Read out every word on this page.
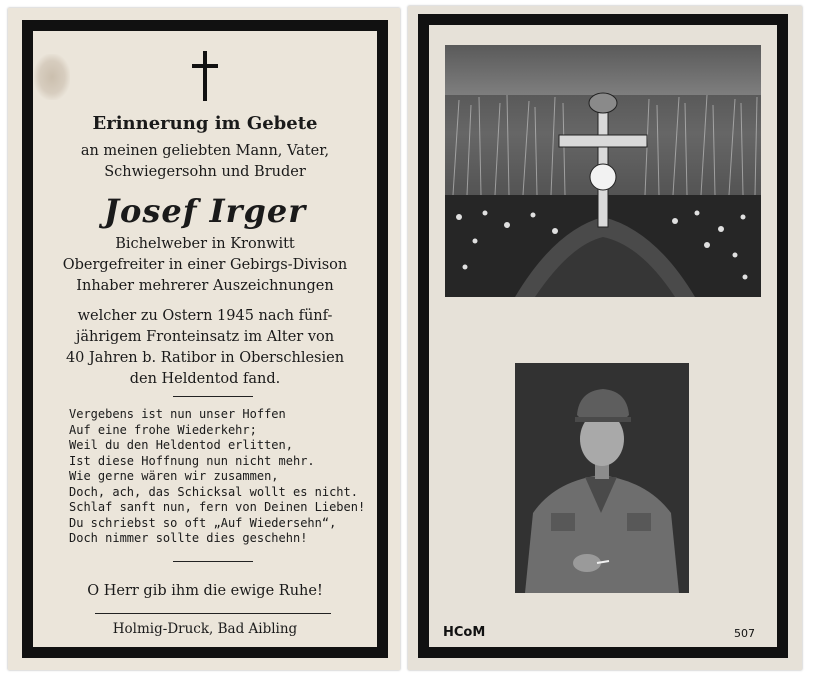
Erinnerung im Gebete
an meinen geliebten Mann, Vater,
Schwiegersohn und Bruder
Josef Irger
Bichelweber in Kronwitt
Obergefreiter in einer Gebirgs-Divison
Inhaber mehrerer Auszeichnungen
welcher zu Ostern 1945 nach fünf-
jährigem Fronteinsatz im Alter von
40 Jahren b. Ratibor in Oberschlesien
den Heldentod fand.
Vergebens ist nun unser Hoffen
Auf eine frohe Wiederkehr;
Weil du den Heldentod erlitten,
Ist diese Hoffnung nun nicht mehr.
Wie gerne wären wir zusammen,
Doch, ach, das Schicksal wollt es nicht.
Schlaf sanft nun, fern von Deinen Lieben!
Du schriebst so oft „Auf Wiedersehn“,
Doch nimmer sollte dies geschehn!
O Herr gib ihm die ewige Ruhe!
Holmig-Druck, Bad Aibling	HCoM	507
